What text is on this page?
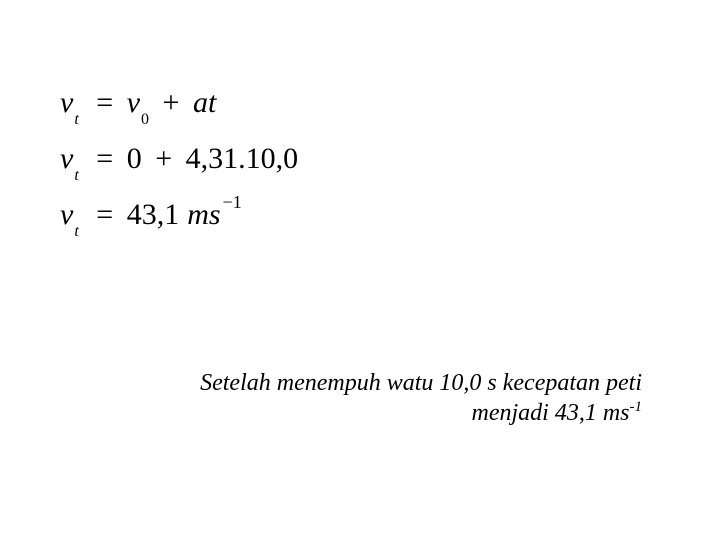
$v_t = v_0$ + at
$v_t = 0 + 4,31.10,0$
$v_t = 43,1$ ms $^{-1}$
Setelah menempuh watu 10,0 s kecepatan peti
menjadi 43,1 $ms^{-1}$
